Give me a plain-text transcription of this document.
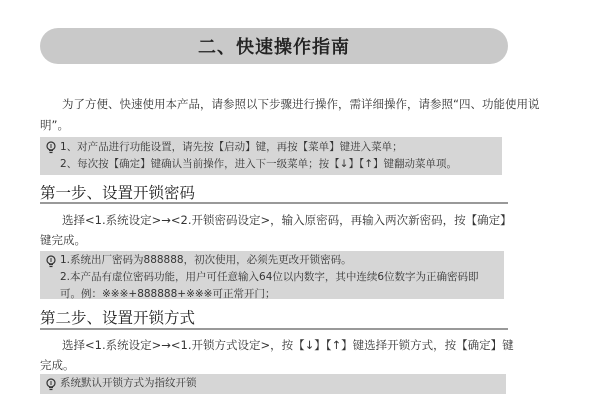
二、快速操作指南

为了方便、快速使用本产品，请参照以下步骤进行操作，需详细操作，请参照“四、功能使用说明”。

1、对产品进行功能设置，请先按【启动】键，再按【菜单】键进入菜单；
2、每次按【确定】键确认当前操作，进入下一级菜单；按【↓】【↑】键翻动菜单项。
第一步、设置开锁密码

选择<1.系统设定>→<2.开锁密码设定>，输入原密码，再输入两次新密码，按【确定】键完成。

1.系统出厂密码为888888，初次使用，必须先更改开锁密码。
2.本产品有虚位密码功能，用户可任意输入64位以内数字，其中连续6位数字为正确密码即可。例：※※※+888888+※※※可正常开门；
第二步、设置开锁方式

选择<1.系统设定>→<1.开锁方式设定>，按【↓】【↑】键选择开锁方式，按【确定】键完成。

系统默认开锁方式为指纹开锁
